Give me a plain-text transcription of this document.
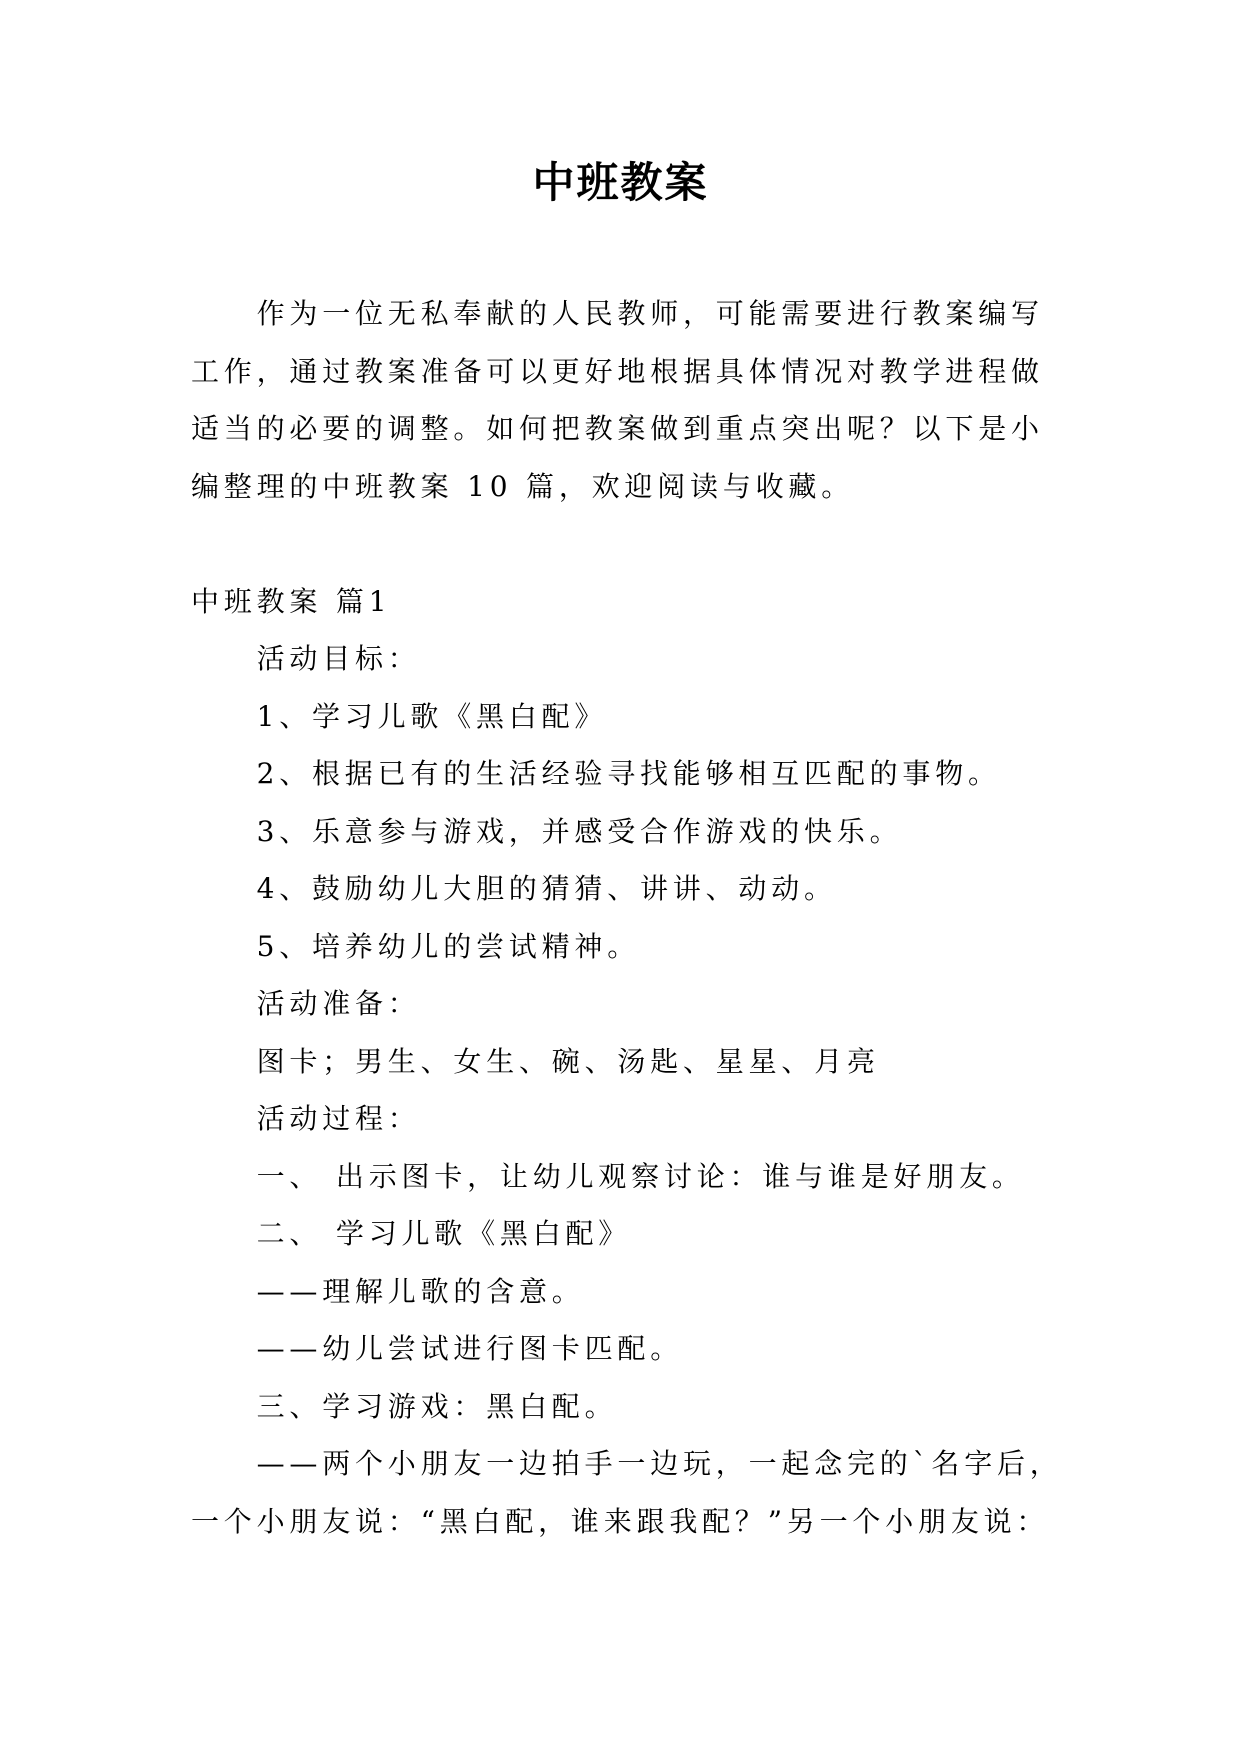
中班教案
作为一位无私奉献的人民教师，可能需要进行教案编写
工作，通过教案准备可以更好地根据具体情况对教学进程做
适当的必要的调整。如何把教案做到重点突出呢？以下是小
编整理的中班教案 10 篇，欢迎阅读与收藏。
中班教案 篇1
活动目标：
1、学习儿歌《黑白配》
2、根据已有的生活经验寻找能够相互匹配的事物。
3、乐意参与游戏，并感受合作游戏的快乐。
4、鼓励幼儿大胆的猜猜、讲讲、动动。
5、培养幼儿的尝试精神。
活动准备：
图卡；男生、女生、碗、汤匙、星星、月亮
活动过程：
一、 出示图卡，让幼儿观察讨论：谁与谁是好朋友。
二、 学习儿歌《黑白配》
——理解儿歌的含意。
——幼儿尝试进行图卡匹配。
三、学习游戏：黑白配。
——两个小朋友一边拍手一边玩，一起念完的`名字后，
一个小朋友说：“黑白配，谁来跟我配？”另一个小朋友说：
